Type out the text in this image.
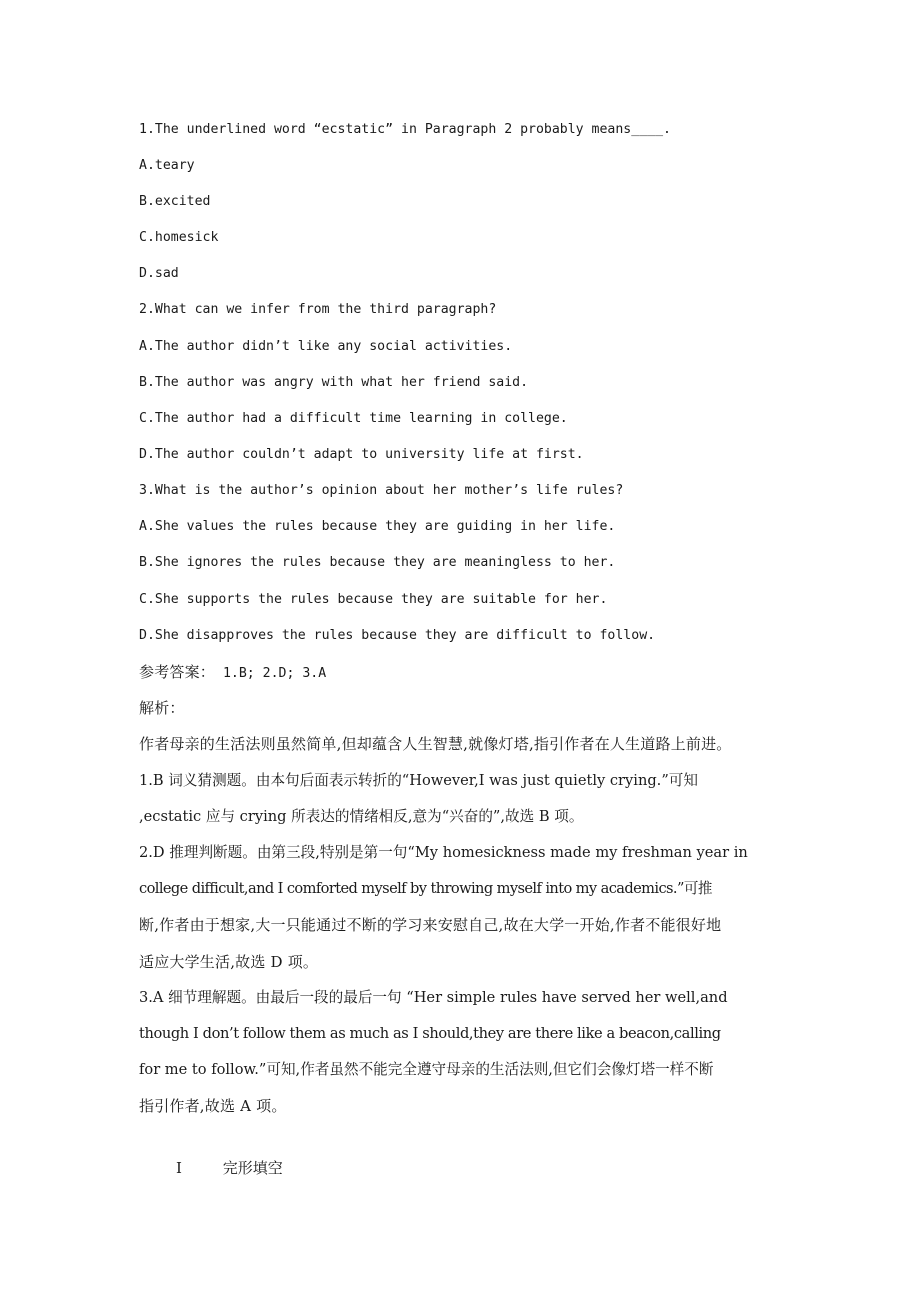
1.The underlined word “ecstatic” in Paragraph 2 probably means____.
A.teary
B.excited
C.homesick
D.sad
2.What can we infer from the third paragraph?
A.The author didn’t like any social activities.
B.The author was angry with what her friend said.
C.The author had a difficult time learning in college.
D.The author couldn’t adapt to university life at first.
3.What is the author’s opinion about her mother’s life rules?
A.She values the rules because they are guiding in her life.
B.She ignores the rules because they are meaningless to her.
C.She supports the rules because they are suitable for her.
D.She disapproves the rules because they are difficult to follow.
参考答案： 1.B; 2.D; 3.A
解析：
作者母亲的生活法则虽然简单,但却蕴含人生智慧,就像灯塔,指引作者在人生道路上前进。
1.B 词义猜测题。由本句后面表示转折的“However,I was just quietly crying.”可知
,ecstatic 应与 crying 所表达的情绪相反,意为“兴奋的”,故选 B 项。
2.D 推理判断题。由第三段,特别是第一句“My homesickness made my freshman year in
college difficult,and I comforted myself by throwing myself into my academics.”可推
断,作者由于想家,大一只能通过不断的学习来安慰自己,故在大学一开始,作者不能很好地
适应大学生活,故选 D 项。
3.A 细节理解题。由最后一段的最后一句 “Her simple rules have served her well,and
though I don’t follow them as much as I should,they are there like a beacon,calling
for me to follow.”可知,作者虽然不能完全遵守母亲的生活法则,但它们会像灯塔一样不断
指引作者,故选 A 项。
Ⅰ	完形填空
